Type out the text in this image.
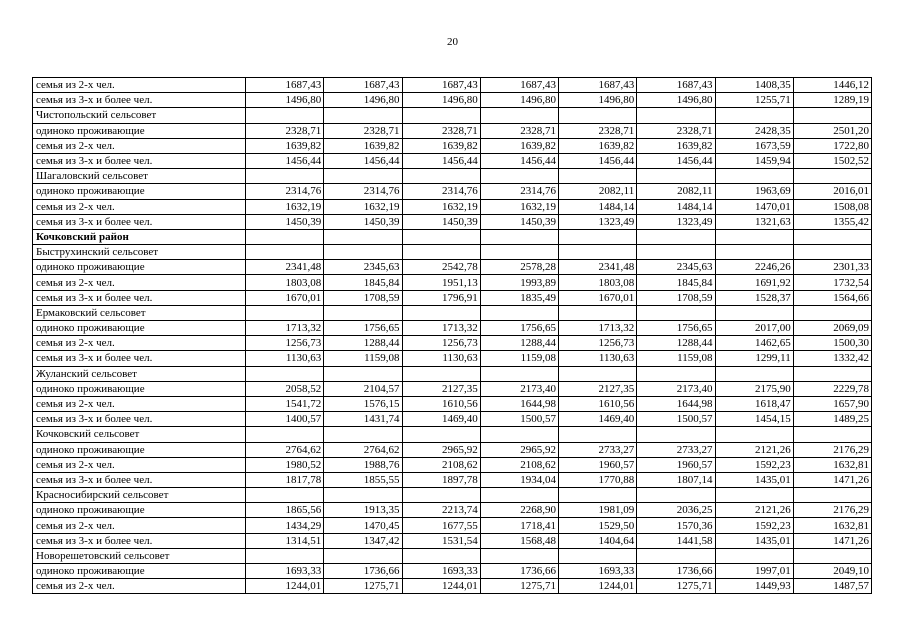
20
семья из 2-х чел.	1687,43	1687,43	1687,43	1687,43	1687,43	1687,43	1408,35	1446,12
семья из 3-х и более чел.	1496,80	1496,80	1496,80	1496,80	1496,80	1496,80	1255,71	1289,19
Чистопольский сельсовет								
одиноко проживающие	2328,71	2328,71	2328,71	2328,71	2328,71	2328,71	2428,35	2501,20
семья из 2-х чел.	1639,82	1639,82	1639,82	1639,82	1639,82	1639,82	1673,59	1722,80
семья из 3-х и более чел.	1456,44	1456,44	1456,44	1456,44	1456,44	1456,44	1459,94	1502,52
Шагаловский сельсовет								
одиноко проживающие	2314,76	2314,76	2314,76	2314,76	2082,11	2082,11	1963,69	2016,01
семья из 2-х чел.	1632,19	1632,19	1632,19	1632,19	1484,14	1484,14	1470,01	1508,08
семья из 3-х и более чел.	1450,39	1450,39	1450,39	1450,39	1323,49	1323,49	1321,63	1355,42
Кочковский район								
Быструхинский сельсовет								
одиноко проживающие	2341,48	2345,63	2542,78	2578,28	2341,48	2345,63	2246,26	2301,33
семья из 2-х чел.	1803,08	1845,84	1951,13	1993,89	1803,08	1845,84	1691,92	1732,54
семья из 3-х и более чел.	1670,01	1708,59	1796,91	1835,49	1670,01	1708,59	1528,37	1564,66
Ермаковский сельсовет								
одиноко проживающие	1713,32	1756,65	1713,32	1756,65	1713,32	1756,65	2017,00	2069,09
семья из 2-х чел.	1256,73	1288,44	1256,73	1288,44	1256,73	1288,44	1462,65	1500,30
семья из 3-х и более чел.	1130,63	1159,08	1130,63	1159,08	1130,63	1159,08	1299,11	1332,42
Жуланский сельсовет								
одиноко проживающие	2058,52	2104,57	2127,35	2173,40	2127,35	2173,40	2175,90	2229,78
семья из 2-х чел.	1541,72	1576,15	1610,56	1644,98	1610,56	1644,98	1618,47	1657,90
семья из 3-х и более чел.	1400,57	1431,74	1469,40	1500,57	1469,40	1500,57	1454,15	1489,25
Кочковский сельсовет								
одиноко проживающие	2764,62	2764,62	2965,92	2965,92	2733,27	2733,27	2121,26	2176,29
семья из 2-х чел.	1980,52	1988,76	2108,62	2108,62	1960,57	1960,57	1592,23	1632,81
семья из 3-х и более чел.	1817,78	1855,55	1897,78	1934,04	1770,88	1807,14	1435,01	1471,26
Красносибирский сельсовет								
одиноко проживающие	1865,56	1913,35	2213,74	2268,90	1981,09	2036,25	2121,26	2176,29
семья из 2-х чел.	1434,29	1470,45	1677,55	1718,41	1529,50	1570,36	1592,23	1632,81
семья из 3-х и более чел.	1314,51	1347,42	1531,54	1568,48	1404,64	1441,58	1435,01	1471,26
Новорешетовский сельсовет								
одиноко проживающие	1693,33	1736,66	1693,33	1736,66	1693,33	1736,66	1997,01	2049,10
семья из 2-х чел.	1244,01	1275,71	1244,01	1275,71	1244,01	1275,71	1449,93	1487,57
